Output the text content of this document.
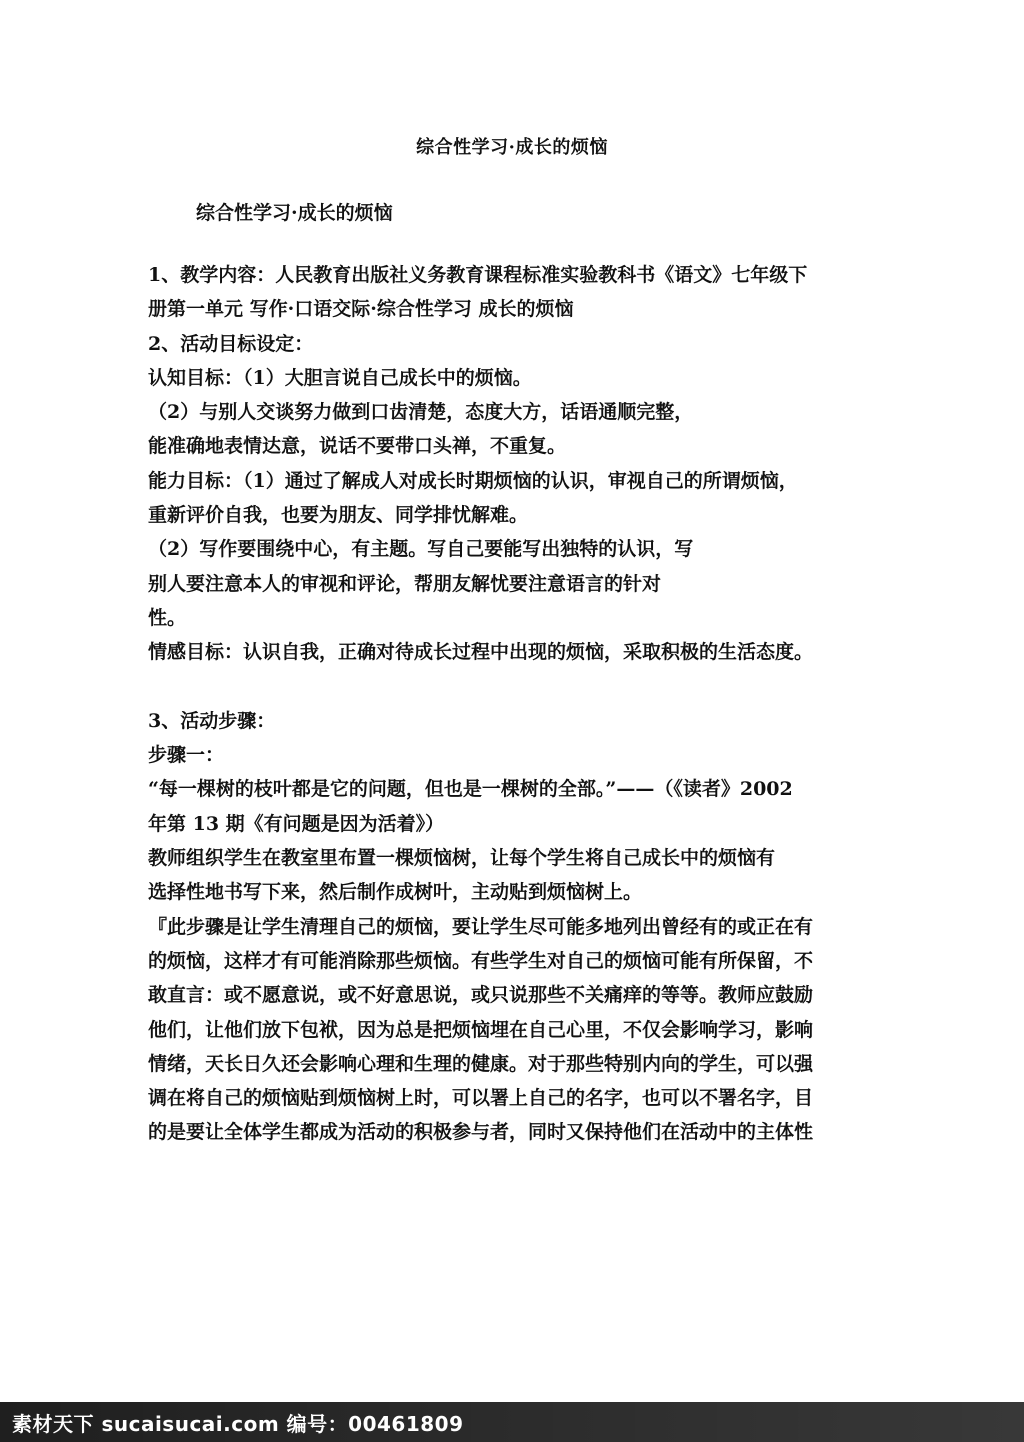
综合性学习·成长的烦恼
综合性学习·成长的烦恼
1、教学内容：人民教育出版社义务教育课程标准实验教科书《语文》七年级下
册第一单元 写作·口语交际·综合性学习 成长的烦恼
2、活动目标设定：
认知目标：（1）大胆言说自己成长中的烦恼。
（2）与别人交谈努力做到口齿清楚，态度大方，话语通顺完整，
能准确地表情达意，说话不要带口头禅，不重复。
能力目标：（1）通过了解成人对成长时期烦恼的认识，审视自己的所谓烦恼，
重新评价自我，也要为朋友、同学排忧解难。
（2）写作要围绕中心，有主题。写自己要能写出独特的认识，写
别人要注意本人的审视和评论，帮朋友解忧要注意语言的针对
性。
情感目标：认识自我，正确对待成长过程中出现的烦恼，采取积极的生活态度。
3、活动步骤：
步骤一：
“每一棵树的枝叶都是它的问题，但也是一棵树的全部。”——（《读者》2002
年第 13 期《有问题是因为活着》）
教师组织学生在教室里布置一棵烦恼树，让每个学生将自己成长中的烦恼有
选择性地书写下来，然后制作成树叶，主动贴到烦恼树上。
『此步骤是让学生清理自己的烦恼，要让学生尽可能多地列出曾经有的或正在有
的烦恼，这样才有可能消除那些烦恼。有些学生对自己的烦恼可能有所保留，不
敢直言：或不愿意说，或不好意思说，或只说那些不关痛痒的等等。教师应鼓励
他们，让他们放下包袱，因为总是把烦恼埋在自己心里，不仅会影响学习，影响
情绪，天长日久还会影响心理和生理的健康。对于那些特别内向的学生，可以强
调在将自己的烦恼贴到烦恼树上时，可以署上自己的名字，也可以不署名字，目
的是要让全体学生都成为活动的积极参与者，同时又保持他们在活动中的主体性
素材天下 sucaisucai.com 编号：00461809
